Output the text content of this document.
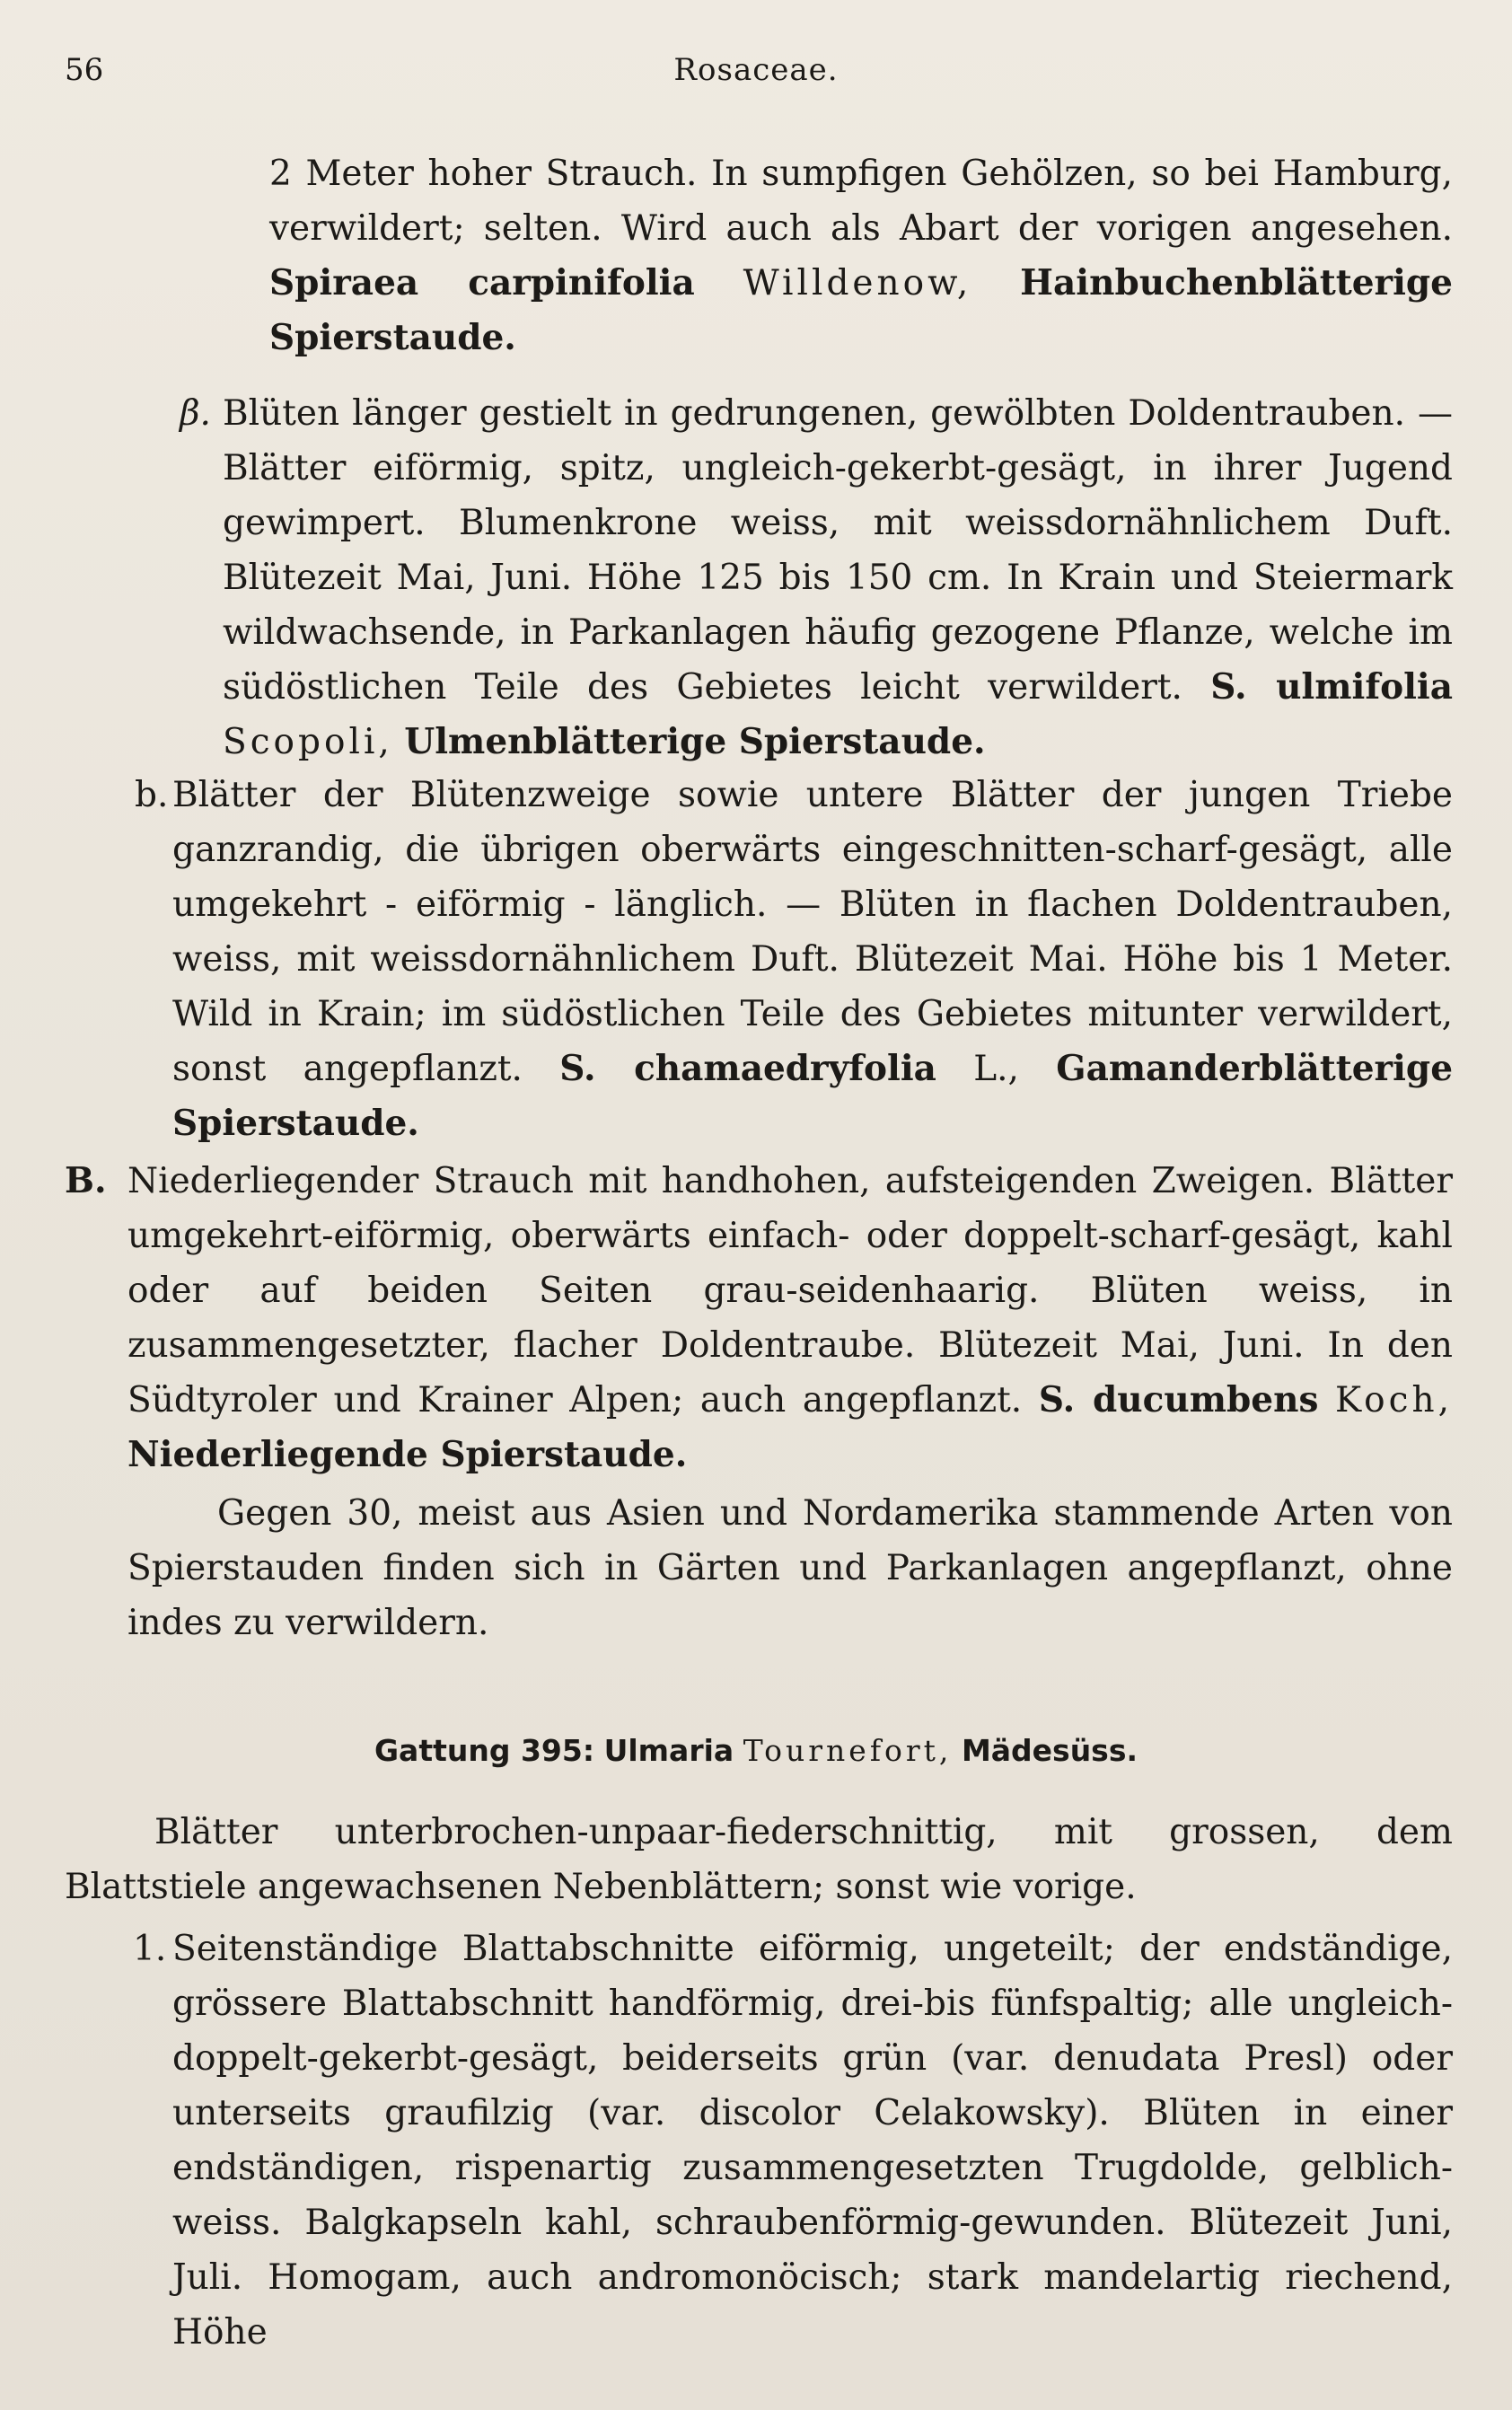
56	Rosaceae.

2 Meter hoher Strauch. In sumpfigen Gehölzen, so bei Hamburg, verwildert; selten. Wird auch als Abart der vorigen angesehen. Spiraea carpinifolia Willdenow, Hainbuchenblätterige Spierstaude.

β. Blüten länger gestielt in gedrungenen, gewölbten Doldentrauben. — Blätter eiförmig, spitz, ungleich-gekerbt-gesägt, in ihrer Jugend gewimpert. Blumenkrone weiss, mit weissdornähnlichem Duft. Blütezeit Mai, Juni. Höhe 125 bis 150 cm. In Krain und Steiermark wildwachsende, in Parkanlagen häufig gezogene Pflanze, welche im südöstlichen Teile des Gebietes leicht verwildert. S. ulmifolia Scopoli, Ulmenblätterige Spierstaude.

b. Blätter der Blütenzweige sowie untere Blätter der jungen Triebe ganzrandig, die übrigen oberwärts eingeschnitten-scharf-gesägt, alle umgekehrt - eiförmig - länglich. — Blüten in flachen Doldentrauben, weiss, mit weissdornähnlichem Duft. Blütezeit Mai. Höhe bis 1 Meter. Wild in Krain; im südöstlichen Teile des Gebietes mitunter verwildert, sonst angepflanzt. S. chamaedryfolia L., Gamanderblätterige Spierstaude.

B. Niederliegender Strauch mit handhohen, aufsteigenden Zweigen. Blätter umgekehrt-eiförmig, oberwärts einfach- oder doppelt-scharf-gesägt, kahl oder auf beiden Seiten grau-seidenhaarig. Blüten weiss, in zusammengesetzter, flacher Doldentraube. Blütezeit Mai, Juni. In den Südtyroler und Krainer Alpen; auch angepflanzt. S. ducumbens Koch, Niederliegende Spierstaude.

Gegen 30, meist aus Asien und Nordamerika stammende Arten von Spierstauden finden sich in Gärten und Parkanlagen angepflanzt, ohne indes zu verwildern.

Gattung 395: Ulmaria Tournefort, Mädesüss.

Blätter unterbrochen-unpaar-fiederschnittig, mit grossen, dem Blattstiele angewachsenen Nebenblättern; sonst wie vorige.

1. Seitenständige Blattabschnitte eiförmig, ungeteilt; der endständige, grössere Blattabschnitt handförmig, drei-bis fünfspaltig; alle ungleich-doppelt-gekerbt-gesägt, beiderseits grün (var. denudata Presl) oder unterseits graufilzig (var. discolor Celakowsky). Blüten in einer endständigen, rispenartig zusammengesetzten Trugdolde, gelblich-weiss. Balgkapseln kahl, schraubenförmig-gewunden. Blütezeit Juni, Juli. Homogam, auch andromonöcisch; stark mandelartig riechend, Höhe
